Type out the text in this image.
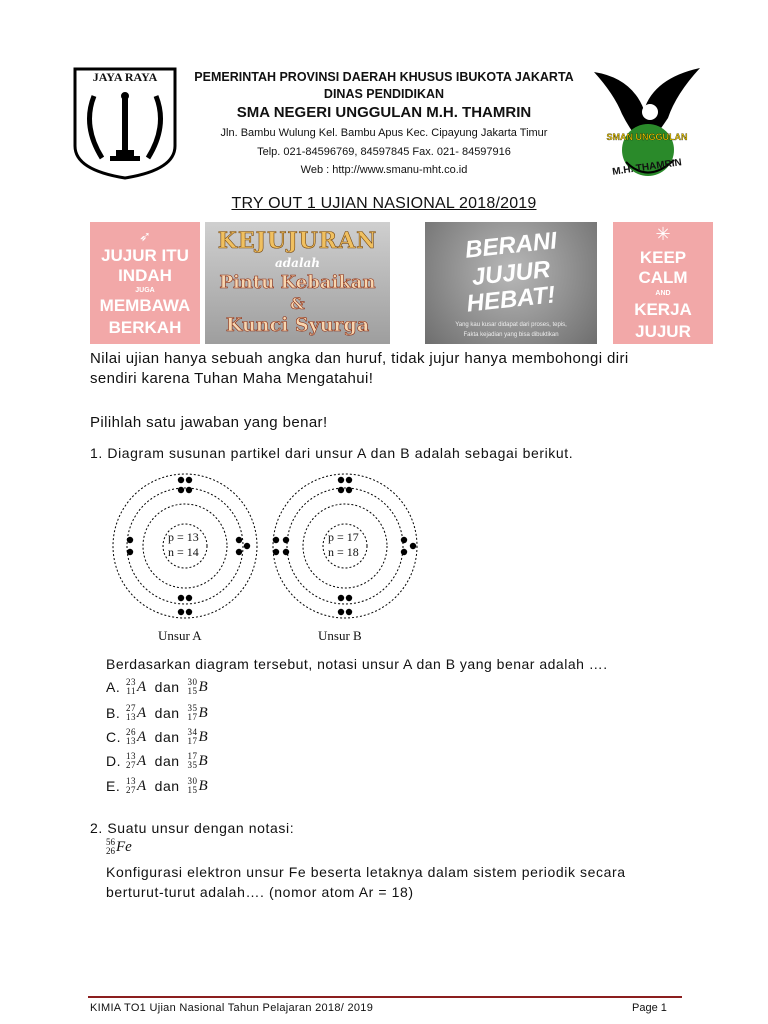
JAYA RAYA	PEMERINTAH PROVINSI DAERAH KHUSUS IBUKOTA JAKARTA
DINAS PENDIDIKAN
SMA NEGERI UNGGULAN M.H. THAMRIN
Jln. Bambu Wulung Kel. Bambu Apus Kec. Cipayung Jakarta Timur
Telp. 021-84596769, 84597845 Fax. 021- 84597916
Web : http://www.smanu-mht.co.id
SMAN UNGGULAN
M.H. THAMRIN
TRY OUT 1 UJIAN NASIONAL 2018/2019
➶
JUJUR ITU
INDAH
JUGA
MEMBAWA
BERKAH
KEJUJURAN
adalah
Pintu Kebaikan
&
Kunci Syurga
BERANI
JUJUR
HEBAT!
Yang kau kusar didapat dari proses, tepis,
Fakta kejadian yang bisa dibuktikan
✳
KEEP
CALM
AND
KERJA
JUJUR
Nilai ujian hanya sebuah angka dan huruf, tidak jujur hanya membohongi diri
sendiri karena Tuhan Maha Mengatahui!
Pilihlah satu jawaban yang benar!
1. Diagram susunan partikel dari unsur A dan B adalah sebagai berikut.
p = 13
n = 14
p = 17
n = 18
Unsur A	Unsur B
Berdasarkan diagram tersebut, notasi unsur A dan B yang benar adalah ….
A. 23
11 A dan 30
15 B
B. 27
13 A dan 35
17 B
C. 26
13 A dan 34
17 B
D. 13
27 A dan 17
35 B
E. 13
27 A dan 30
15 B
2. Suatu unsur dengan notasi:
56
26 Fe
Konfigurasi elektron unsur Fe beserta letaknya dalam sistem periodik secara
berturut-turut adalah…. (nomor atom Ar = 18)
KIMIA TO1 Ujian Nasional Tahun Pelajaran 2018/ 2019	Page 1
